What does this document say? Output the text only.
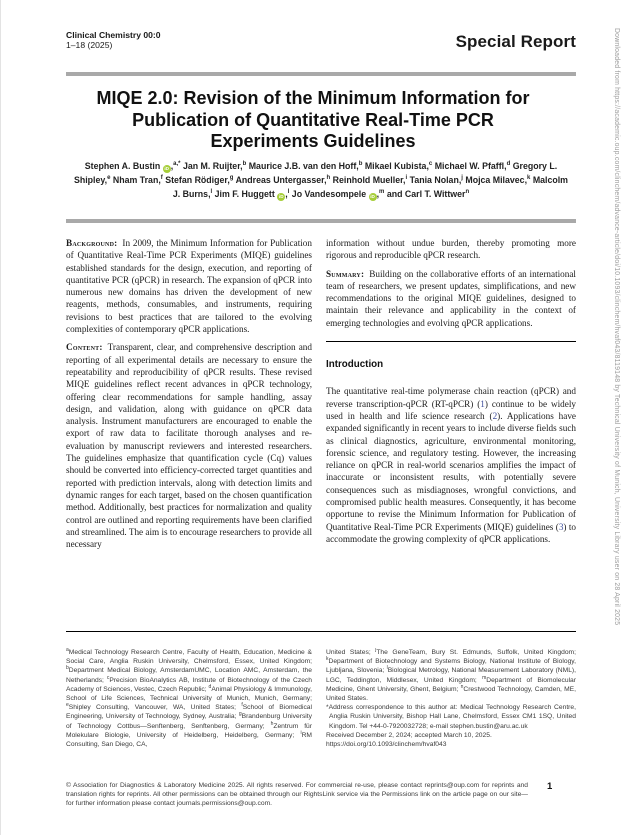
Downloaded from https://academic.oup.com/clinchem/advance-article/doi/10.1093/clinchem/hvaf043/8119148 by Technical University of Munich, University Library user on 28 April 2025
Clinical Chemistry 00:0
1–18 (2025)	Special Report
MIQE 2.0: Revision of the Minimum Information for Publication of Quantitative Real-Time PCR Experiments Guidelines
Stephen A. Bustin iD ,$^{a,*}$ Jan M. Ruijter,$^b$ Maurice J.B. van den Hoff,$^b$ Mikael Kubista,$^c$ Michael W. Pfaffl,$^d$ Gregory L. Shipley,$^e$ Nham Tran,$^f$ Stefan Rödiger,$^g$ Andreas Untergasser,$^h$ Reinhold Mueller,$^i$ Tania Nolan,$^j$ Mojca Milavec,$^k$ Malcolm J. Burns,$^l$ Jim F. Huggett iD ,$^l$ Jo Vandesompele iD ,$^m$ and Carl T. Wittwer$^n$

Background: In 2009, the Minimum Information for Publication of Quantitative Real-Time PCR Experiments (MIQE) guidelines established standards for the design, execution, and reporting of quantitative PCR (qPCR) in research. The expansion of qPCR into numerous new domains has driven the development of new reagents, methods, consumables, and instruments, requiring revisions to best practices that are tailored to the evolving complexities of contemporary qPCR applications.

Content: Transparent, clear, and comprehensive description and reporting of all experimental details are necessary to ensure the repeatability and reproducibility of qPCR results. These revised MIQE guidelines reflect recent advances in qPCR technology, offering clear recommendations for sample handling, assay design, and validation, along with guidance on qPCR data analysis. Instrument manufacturers are encouraged to enable the export of raw data to facilitate thorough analyses and re-evaluation by manuscript reviewers and interested researchers. The guidelines emphasize that quantification cycle (Cq) values should be converted into efficiency-corrected target quantities and reported with prediction intervals, along with detection limits and dynamic ranges for each target, based on the chosen quantification method. Additionally, best practices for normalization and quality control are outlined and reporting requirements have been clarified and streamlined. The aim is to encourage researchers to provide all necessary

information without undue burden, thereby promoting more rigorous and reproducible qPCR research.

Summary: Building on the collaborative efforts of an international team of researchers, we present updates, simplifications, and new recommendations to the original MIQE guidelines, designed to maintain their relevance and applicability in the context of emerging technologies and evolving qPCR applications.

Introduction

The quantitative real-time polymerase chain reaction (qPCR) and reverse transcription-qPCR (RT-qPCR) (1) continue to be widely used in health and life science research (2). Applications have expanded significantly in recent years to include diverse fields such as clinical diagnostics, agriculture, environmental monitoring, forensic science, and regulatory testing. However, the increasing reliance on qPCR in real-world scenarios amplifies the impact of inaccurate or inconsistent results, with potentially severe consequences such as misdiagnoses, wrongful convictions, and compromised public health measures. Consequently, it has become opportune to revise the Minimum Information for Publication of Quantitative Real-Time PCR Experiments (MIQE) guidelines (3) to accommodate the growing complexity of qPCR applications.

$^a$Medical Technology Research Centre, Faculty of Health, Education, Medicine & Social Care, Anglia Ruskin University, Chelmsford, Essex, United Kingdom; $^b$Department Medical Biology, AmsterdamUMC, Location AMC, Amsterdam, the Netherlands; $^c$Precision BioAnalytics AB, Institute of Biotechnology of the Czech Academy of Sciences, Vestec, Czech Republic; $^d$Animal Physiology & Immunology, School of Life Sciences, Technical University of Munich, Munich, Germany; $^e$Shipley Consulting, Vancouver, WA, United States; $^f$School of Biomedical Engineering, University of Technology, Sydney, Australia; $^g$Brandenburg University of Technology Cottbus—Senftenberg, Senftenberg, Germany; $^h$Zentrum für Molekulare Biologie, University of Heidelberg, Heidelberg, Germany; $^i$RM Consulting, San Diego, CA,
United States; $^j$The GeneTeam, Bury St. Edmunds, Suffolk, United Kingdom; $^k$Department of Biotechnology and Systems Biology, National Institute of Biology, Ljubljana, Slovenia; $^l$Biological Metrology, National Measurement Laboratory (NML), LGC, Teddington, Middlesex, United Kingdom; $^m$Department of Biomolecular Medicine, Ghent University, Ghent, Belgium; $^n$Crestwood Technology, Camden, ME, United States.
*Address correspondence to this author at: Medical Technology Research Centre, Anglia Ruskin University, Bishop Hall Lane, Chelmsford, Essex CM1 1SQ, United Kingdom. Tel +44-0-7920032728; e-mail stephen.bustin@aru.ac.uk
Received December 2, 2024; accepted March 10, 2025.
https://doi.org/10.1093/clinchem/hvaf043
© Association for Diagnostics & Laboratory Medicine 2025. All rights reserved. For commercial re-use, please contact reprints@oup.com for reprints and translation rights for reprints. All other permissions can be obtained through our RightsLink service via the Permissions link on the article page on our site—for further information please contact journals.permissions@oup.com.
1
